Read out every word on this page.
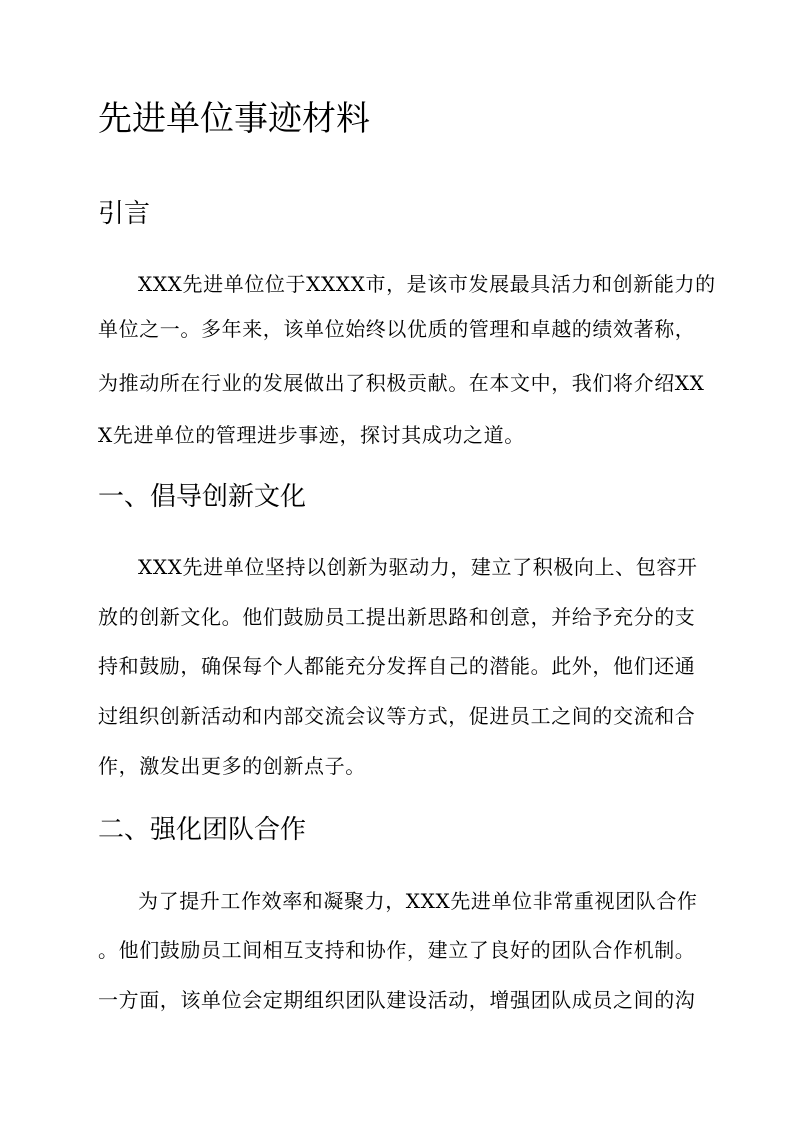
先进单位事迹材料
引言
XXX先进单位位于XXXX市，是该市发展最具活力和创新能力的
单位之一。多年来，该单位始终以优质的管理和卓越的绩效著称，
为推动所在行业的发展做出了积极贡献。在本文中，我们将介绍XX
X先进单位的管理进步事迹，探讨其成功之道。
一、倡导创新文化
XXX先进单位坚持以创新为驱动力，建立了积极向上、包容开
放的创新文化。他们鼓励员工提出新思路和创意，并给予充分的支
持和鼓励，确保每个人都能充分发挥自己的潜能。此外，他们还通
过组织创新活动和内部交流会议等方式，促进员工之间的交流和合
作，激发出更多的创新点子。
二、强化团队合作
为了提升工作效率和凝聚力，XXX先进单位非常重视团队合作
。他们鼓励员工间相互支持和协作，建立了良好的团队合作机制。
一方面，该单位会定期组织团队建设活动，增强团队成员之间的沟
